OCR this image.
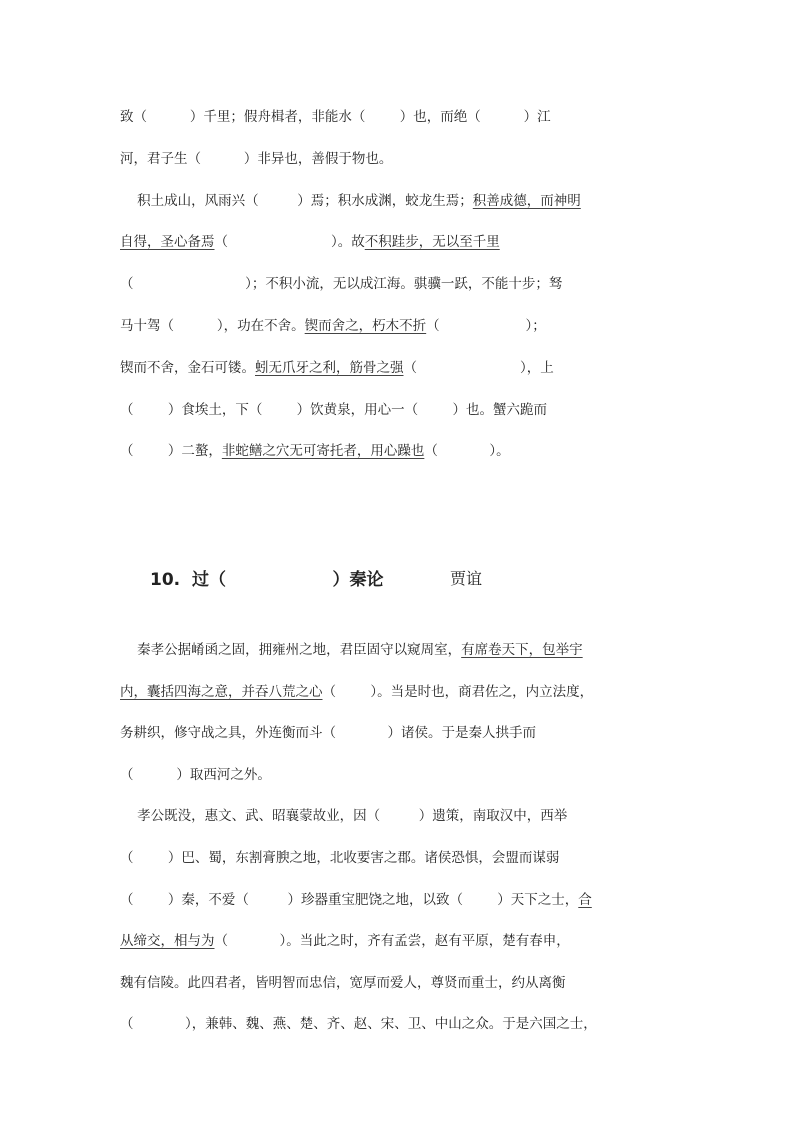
致（          ）千里；假舟楫者，非能水（        ）也，而绝（          ）江
河，君子生（          ）非异也，善假于物也。
积土成山，风雨兴（         ）焉；积水成渊，蛟龙生焉；积善成德，而神明
自得，圣心备焉（                        ）。故不积跬步，无以至千里
（                          ）；不积小流，无以成江海。骐骥一跃，不能十步；驽
马十驾（          ），功在不舍。锲而舍之，朽木不折（                    ）；
锲而不舍，金石可镂。蚓无爪牙之利，筋骨之强（                        ），上
（        ）食埃土，下（        ）饮黄泉，用心一（        ）也。蟹六跪而
（        ）二螯，非蛇鳝之穴无可寄托者，用心躁也（            ）。
10. 过（                  ）秦论	贾谊
秦孝公据崤函之固，拥雍州之地，君臣固守以窥周室，有席卷天下，包举宇
内，囊括四海之意，并吞八荒之心（        ）。当是时也，商君佐之，内立法度，
务耕织，修守战之具，外连衡而斗（            ）诸侯。于是秦人拱手而
（          ）取西河之外。
孝公既没，惠文、武、昭襄蒙故业，因（         ）遗策，南取汉中，西举
（        ）巴、蜀，东割膏腴之地，北收要害之郡。诸侯恐惧，会盟而谋弱
（        ）秦，不爱（         ）珍器重宝肥饶之地，以致（        ）天下之士，合
从缔交，相与为（            ）。当此之时，齐有孟尝，赵有平原，楚有春申，
魏有信陵。此四君者，皆明智而忠信，宽厚而爱人，尊贤而重士，约从离衡
（            ），兼韩、魏、燕、楚、齐、赵、宋、卫、中山之众。于是六国之士，
